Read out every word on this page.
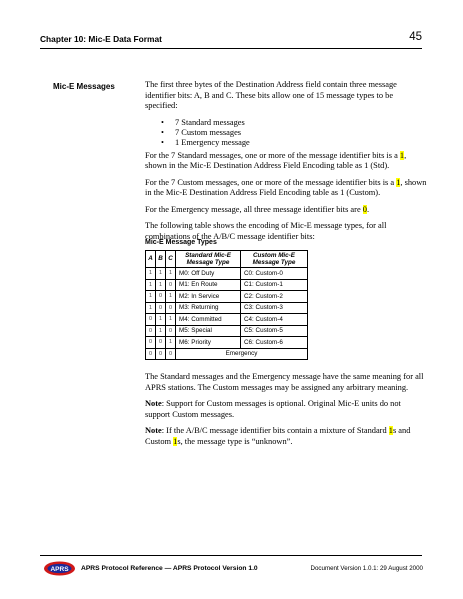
Chapter 10: Mic-E Data Format	45
Mic-E Messages	The first three bytes of the Destination Address field contain three message identifier bits: A, B and C. These bits allow one of 15 message types to be specified:

• 7 Standard messages
• 7 Custom messages
• 1 Emergency message

For the 7 Standard messages, one or more of the message identifier bits is a 1, shown in the Mic-E Destination Address Field Encoding table as 1 (Std).

For the 7 Custom messages, one or more of the message identifier bits is a 1, shown in the Mic-E Destination Address Field Encoding table as 1 (Custom).

For the Emergency message, all three message identifier bits are 0.

The following table shows the encoding of Mic-E message types, for all combinations of the A/B/C message identifier bits:

Mic-E Message Types
A	B	C	Standard Mic-E Message Type	Custom Mic-E Message Type
1	1	1	M0: Off Duty	C0: Custom-0
1	1	0	M1: En Route	C1: Custom-1
1	0	1	M2: In Service	C2: Custom-2
1	0	0	M3: Returning	C3: Custom-3
0	1	1	M4: Committed	C4: Custom-4
0	1	0	M5: Special	C5: Custom-5
0	0	1	M6: Priority	C6: Custom-6
0	0	0	Emergency	

The Standard messages and the Emergency message have the same meaning for all APRS stations. The Custom messages may be assigned any arbitrary meaning.

Note: Support for Custom messages is optional. Original Mic-E units do not support Custom messages.

Note: If the A/B/C message identifier bits contain a mixture of Standard 1s and Custom 1s, the message type is “unknown”.

APRS APRS Protocol Reference — APRS Protocol Version 1.0	Document Version 1.0.1: 29 August 2000
